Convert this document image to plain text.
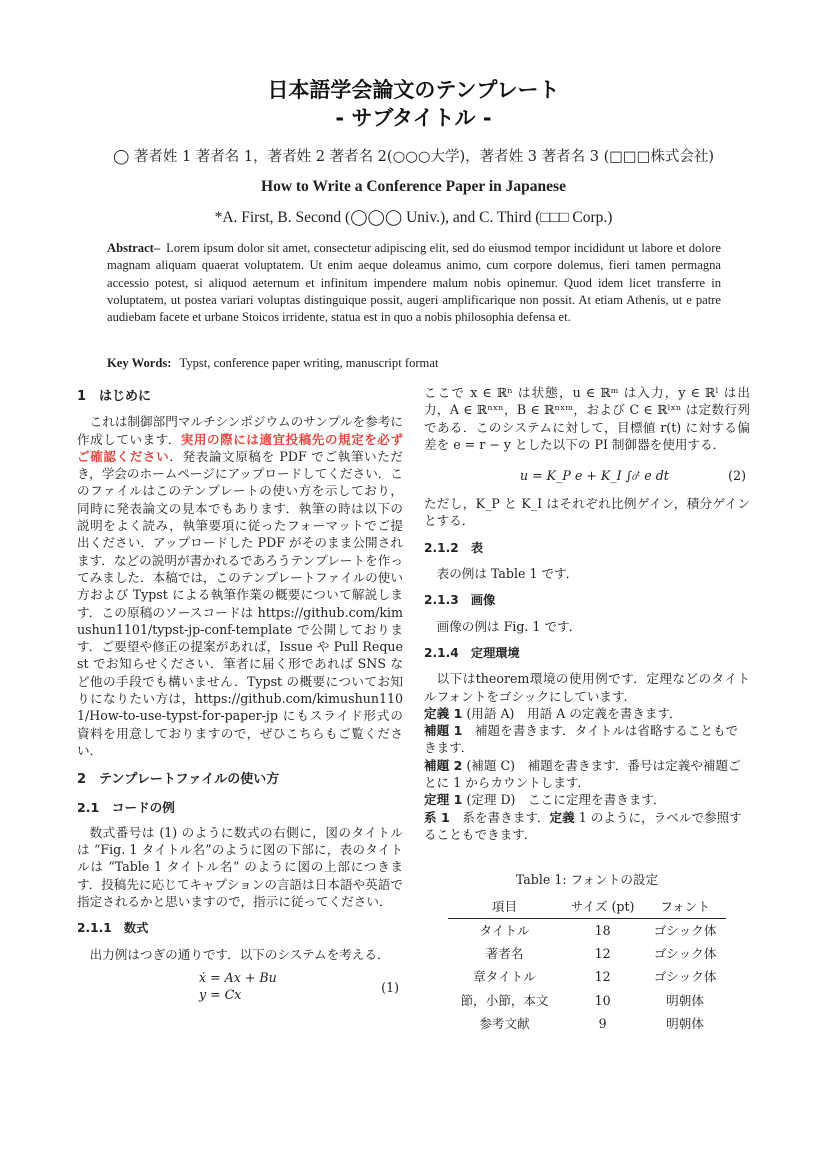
日本語学会論文のテンプレート
- サブタイトル -
◯ 著者姓 1 著者名 1，著者姓 2 著者名 2(○○○大学)，著者姓 3 著者名 3 (□□□株式会社)
How to Write a Conference Paper in Japanese
*A. First, B. Second (◯◯◯ Univ.), and C. Third (□□□ Corp.)
Abstract– Lorem ipsum dolor sit amet, consectetur adipiscing elit, sed do eiusmod tempor incididunt ut labore et dolore magnam aliquam quaerat voluptatem. Ut enim aeque doleamus animo, cum corpore dolemus, fieri tamen permagna accessio potest, si aliquod aeternum et infinitum impendere malum nobis opinemur. Quod idem licet transferre in voluptatem, ut postea variari voluptas distinguique possit, augeri amplificarique non possit. At etiam Athenis, ut e patre audiebam facete et urbane Stoicos irridente, statua est in quo a nobis philosophia defensa et.
Key Words: Typst, conference paper writing, manuscript format
1　はじめに

これは制御部門マルチシンポジウムのサンプルを参考に作成しています．実用の際には適宜投稿先の規定を必ずご確認ください．発表論文原稿を PDF でご執筆いただき，学会のホームページにアップロードしてください．このファイルはこのテンプレートの使い方を示しており，同時に発表論文の見本でもあります．執筆の時は以下の説明をよく読み，執筆要項に従ったフォーマットでご提出ください．アップロードした PDF がそのまま公開されます．などの説明が書かれるであろうテンプレートを作ってみました．本稿では，このテンプレートファイルの使い方および Typst による執筆作業の概要について解説します．この原稿のソースコードは https://github.com/kimushun1101/typst-jp-conf-template で公開しております．ご要望や修正の提案があれば，Issue や Pull Request でお知らせください．筆者に届く形であれば SNS など他の手段でも構いません．Typst の概要についてお知りになりたい方は，https://github.com/kimushun1101/How-to-use-typst-for-paper-jp にもスライド形式の資料を用意しておりますので，ぜひこちらもご覧ください．

2　テンプレートファイルの使い方
2.1　コードの例

数式番号は (1) のように数式の右側に，図のタイトルは “Fig. 1 タイトル名”のように図の下部に，表のタイトルは “Table 1 タイトル名” のように図の上部につきます．投稿先に応じてキャプションの言語は日本語や英語で指定されるかと思いますので，指示に従ってください．

2.1.1　数式

出力例はつぎの通りです．以下のシステムを考える．

ẋ = Ax + Bu
y = Cx	(1)

ここで x ∈ ℝⁿ は状態，u ∈ ℝᵐ は入力，y ∈ ℝˡ は出力，A ∈ ℝⁿˣⁿ，B ∈ ℝⁿˣᵐ，および C ∈ ℝˡˣⁿ は定数行列である．このシステムに対して，目標値 r(t) に対する偏差を e = r − y とした以下の PI 制御器を使用する．

u = K_P e + K_I ∫₀ᵗ e dt	(2)

ただし，K_P と K_I はそれぞれ比例ゲイン，積分ゲインとする．

2.1.2　表

表の例は Table 1 です．

2.1.3　画像

画像の例は Fig. 1 です．

2.1.4　定理環境

以下はtheorem環境の使用例です．定理などのタイトルフォントをゴシックにしています．

定義 1 (用語 A)　用語 A の定義を書きます．

補題 1　補題を書きます．タイトルは省略することもできます．

補題 2 (補題 C)　補題を書きます．番号は定義や補題ごとに 1 からカウントします．

定理 1 (定理 D)　ここに定理を書きます．

系 1　系を書きます．定義 1 のように，ラベルで参照することもできます．

Table 1: フォントの設定
項目	サイズ (pt)	フォント
タイトル	18	ゴシック体
著者名	12	ゴシック体
章タイトル	12	ゴシック体
節，小節，本文	10	明朝体
参考文献	9	明朝体
